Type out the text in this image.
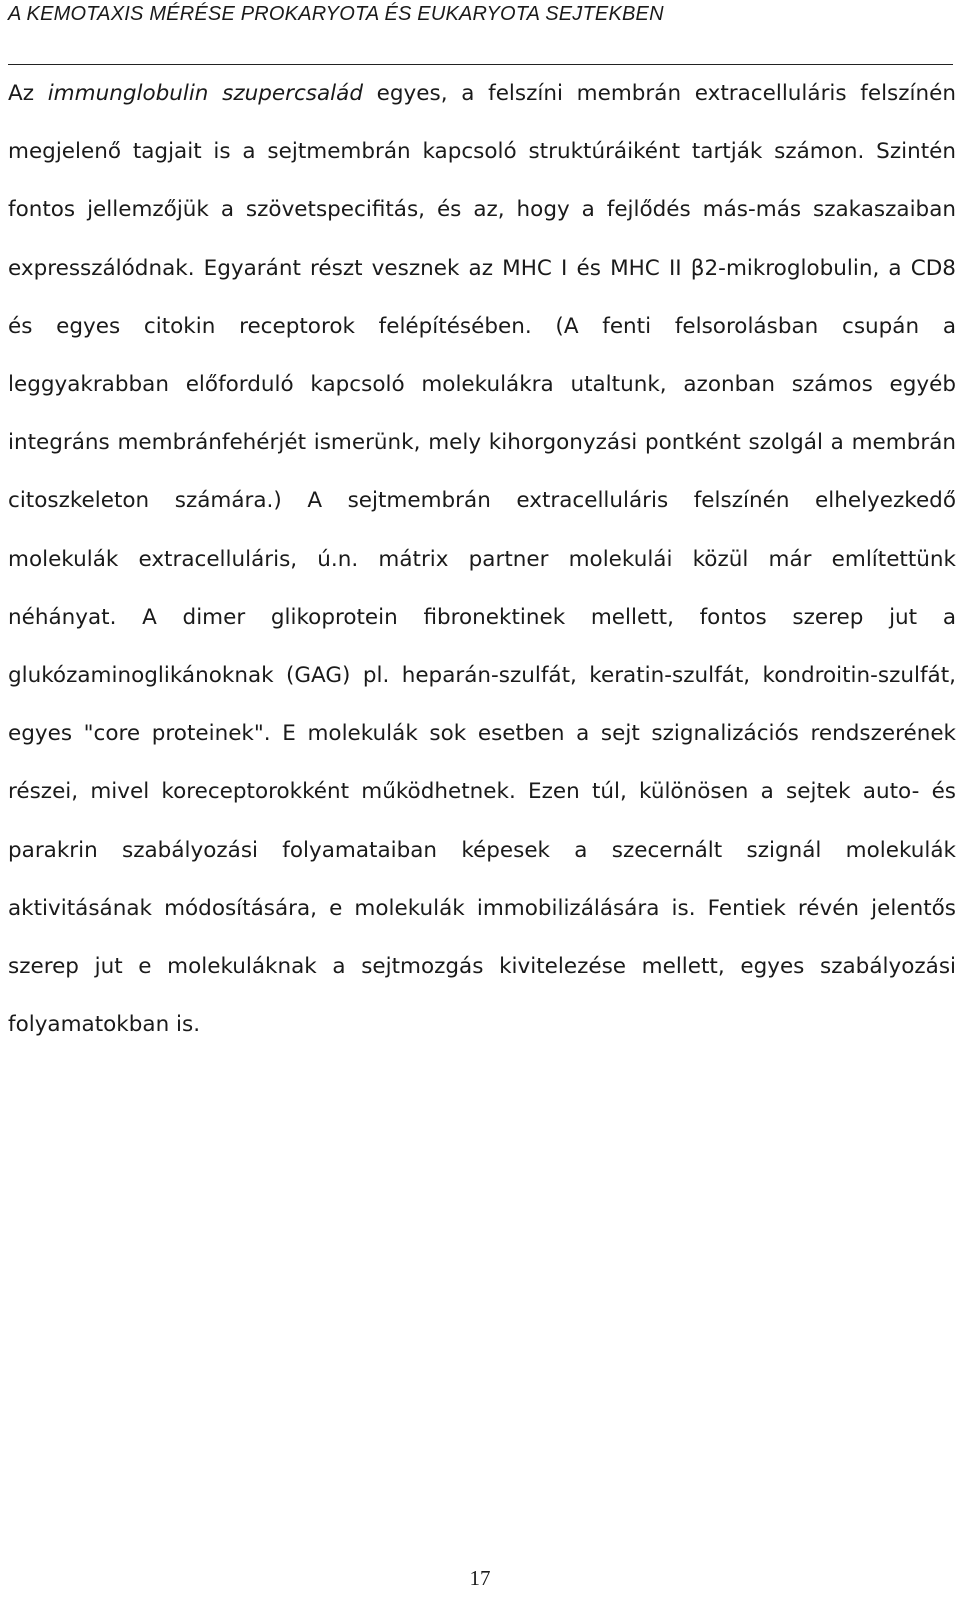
A KEMOTAXIS MÉRÉSE PROKARYOTA ÉS EUKARYOTA SEJTEKBEN
Az immunglobulin szupercsalád egyes, a felszíni membrán extracelluláris felszínén megjelenő tagjait is a sejtmembrán kapcsoló struktúráiként tartják számon. Szintén fontos jellemzőjük a szövetspecifitás, és az, hogy a fejlődés más-más szakaszaiban expresszálódnak. Egyaránt részt vesznek az MHC I és MHC II β2-mikroglobulin, a CD8 és egyes citokin receptorok felépítésében. (A fenti felsorolásban csupán a leggyakrabban előforduló kapcsoló molekulákra utaltunk, azonban számos egyéb integráns membránfehérjét ismerünk, mely kihorgonyzási pontként szolgál a membrán citoszkeleton számára.) A sejtmembrán extracelluláris felszínén elhelyezkedő molekulák extracelluláris, ú.n. mátrix partner molekulái közül már említettünk néhányat. A dimer glikoprotein fibronektinek mellett, fontos szerep jut a glukózaminoglikánoknak (GAG) pl. heparán-szulfát, keratin-szulfát, kondroitin-szulfát, egyes "core proteinek". E molekulák sok esetben a sejt szignalizációs rendszerének részei, mivel koreceptorokként működhetnek. Ezen túl, különösen a sejtek auto- és parakrin szabályozási folyamataiban képesek a szecernált szignál molekulák aktivitásának módosítására, e molekulák immobilizálására is. Fentiek révén jelentős szerep jut e molekuláknak a sejtmozgás kivitelezése mellett, egyes szabályozási folyamatokban is.
17
